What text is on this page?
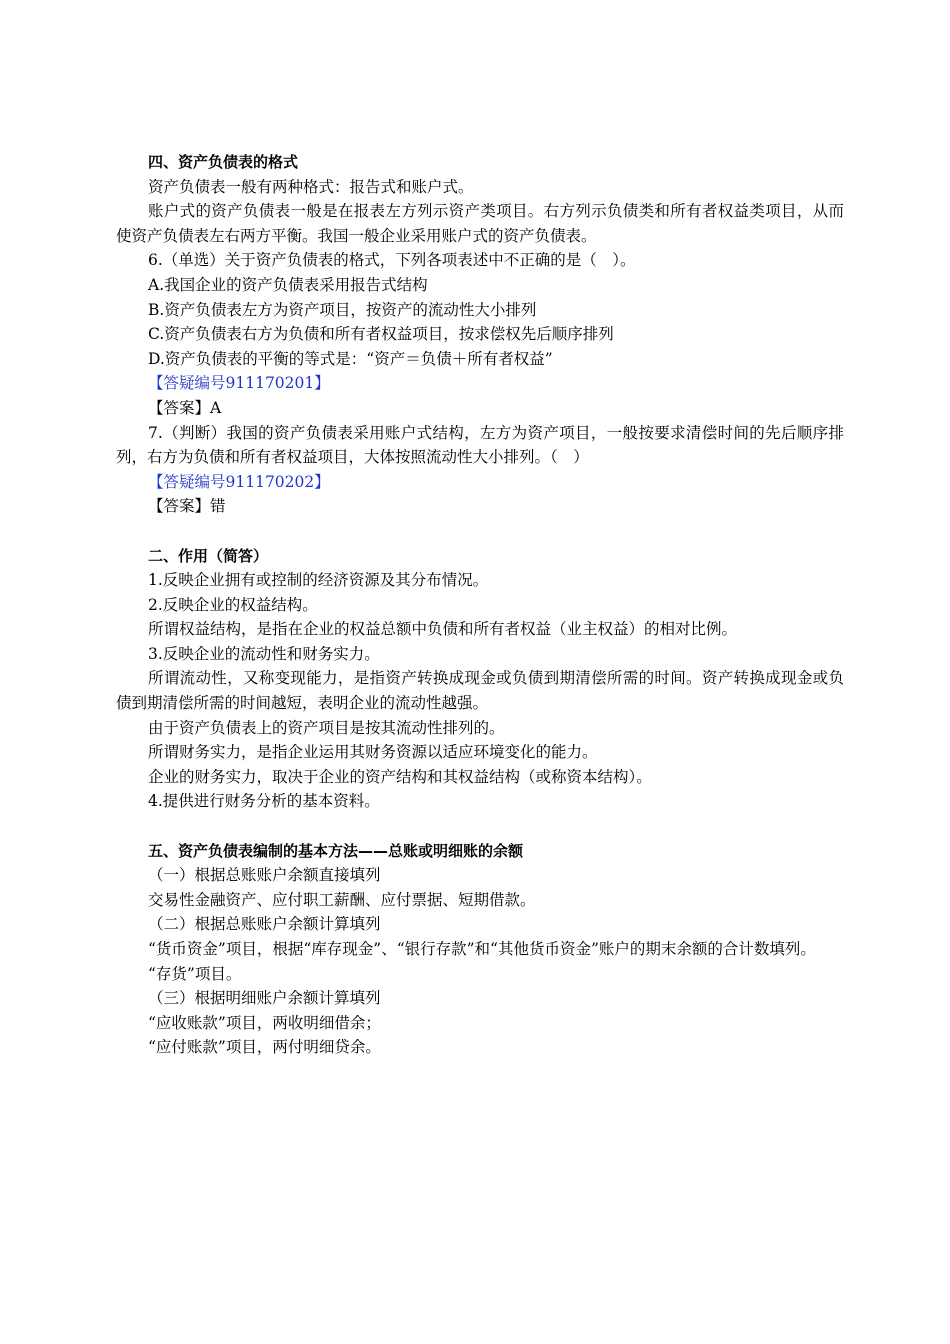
四、资产负债表的格式

资产负债表一般有两种格式：报告式和账户式。

账户式的资产负债表一般是在报表左方列示资产类项目。右方列示负债类和所有者权益类项目，从而使资产负债表左右两方平衡。我国一般企业采用账户式的资产负债表。

6.（单选）关于资产负债表的格式，下列各项表述中不正确的是（　）。

A.我国企业的资产负债表采用报告式结构

B.资产负债表左方为资产项目，按资产的流动性大小排列

C.资产负债表右方为负债和所有者权益项目，按求偿权先后顺序排列

D.资产负债表的平衡的等式是：“资产＝负债＋所有者权益”

【答疑编号911170201】

【答案】A

7.（判断）我国的资产负债表采用账户式结构，左方为资产项目，一般按要求清偿时间的先后顺序排列，右方为负债和所有者权益项目，大体按照流动性大小排列。（　）

【答疑编号911170202】

【答案】错

二、作用（简答）

1.反映企业拥有或控制的经济资源及其分布情况。

2.反映企业的权益结构。

所谓权益结构，是指在企业的权益总额中负债和所有者权益（业主权益）的相对比例。

3.反映企业的流动性和财务实力。

所谓流动性，又称变现能力，是指资产转换成现金或负债到期清偿所需的时间。资产转换成现金或负债到期清偿所需的时间越短，表明企业的流动性越强。

由于资产负债表上的资产项目是按其流动性排列的。

所谓财务实力，是指企业运用其财务资源以适应环境变化的能力。

企业的财务实力，取决于企业的资产结构和其权益结构（或称资本结构）。

4.提供进行财务分析的基本资料。

五、资产负债表编制的基本方法——总账或明细账的余额

（一）根据总账账户余额直接填列

交易性金融资产、应付职工薪酬、应付票据、短期借款。

（二）根据总账账户余额计算填列

“货币资金”项目，根据“库存现金”、“银行存款”和“其他货币资金”账户的期末余额的合计数填列。

“存货”项目。

（三）根据明细账户余额计算填列

“应收账款”项目，两收明细借余；

“应付账款”项目，两付明细贷余。
